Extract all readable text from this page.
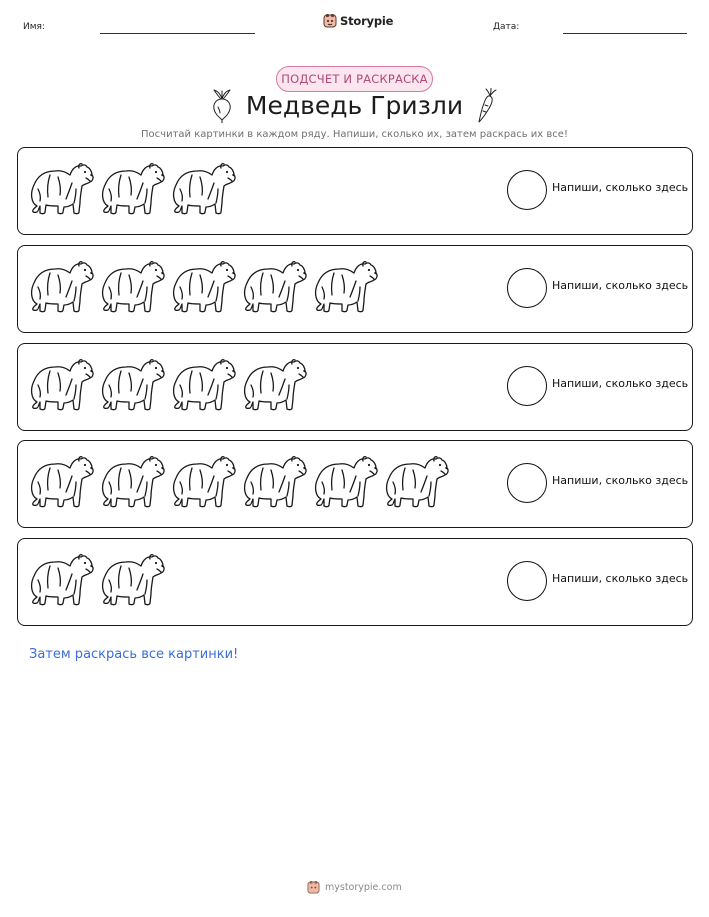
Имя:	Storypie	Дата:
ПОДСЧЕТ И РАСКРАСКА
Медведь Гризли
Посчитай картинки в каждом ряду. Напиши, сколько их, затем раскрась их все!
Напиши, сколько здесь
Напиши, сколько здесь
Напиши, сколько здесь
Напиши, сколько здесь
Напиши, сколько здесь
Затем раскрась все картинки!
mystorypie.com
